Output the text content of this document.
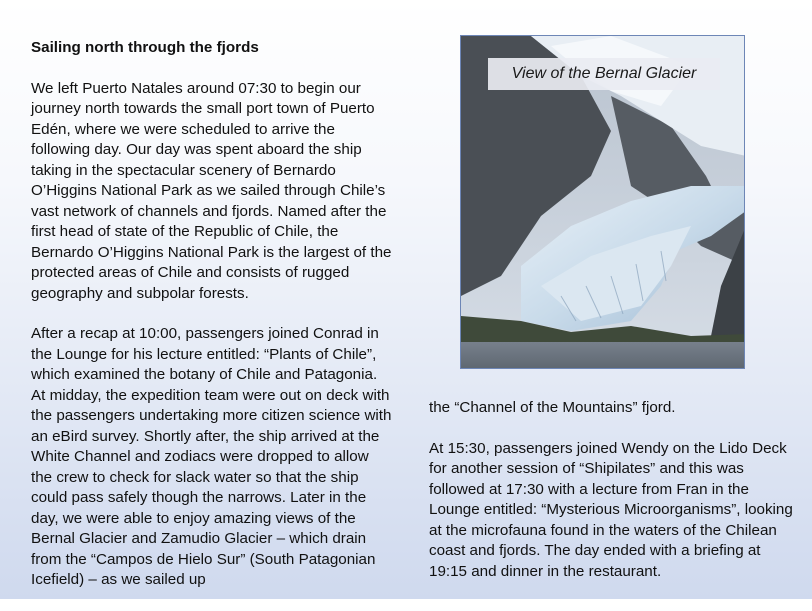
Sailing north through the fjords

We left Puerto Natales around 07:30 to begin our journey north towards the small port town of Puerto Edén, where we were scheduled to arrive the following day. Our day was spent aboard the ship taking in the spectacular scenery of Bernardo O’Higgins National Park as we sailed through Chile’s vast network of channels and fjords. Named after the first head of state of the Republic of Chile, the Bernardo O’Higgins National Park is the largest of the protected areas of Chile and consists of rugged geography and subpolar forests.

After a recap at 10:00, passengers joined Conrad in the Lounge for his lecture entitled: “Plants of Chile”, which examined the botany of Chile and Patagonia. At midday, the expedition team were out on deck with the passengers undertaking more citizen science with an eBird survey. Shortly after, the ship arrived at the White Channel and zodiacs were dropped to allow the crew to check for slack water so that the ship could pass safely though the narrows. Later in the day, we were able to enjoy amazing views of the Bernal Glacier and Zamudio Glacier – which drain from the “Campos de Hielo Sur” (South Patagonian Icefield) – as we sailed up

View of the Bernal Glacier

the “Channel of the Mountains” fjord.

At 15:30, passengers joined Wendy on the Lido Deck for another session of “Shipilates” and this was followed at 17:30 with a lecture from Fran in the Lounge entitled: “Mysterious Microorganisms”, looking at the microfauna found in the waters of the Chilean coast and fjords. The day ended with a briefing at 19:15 and dinner in the restaurant.
